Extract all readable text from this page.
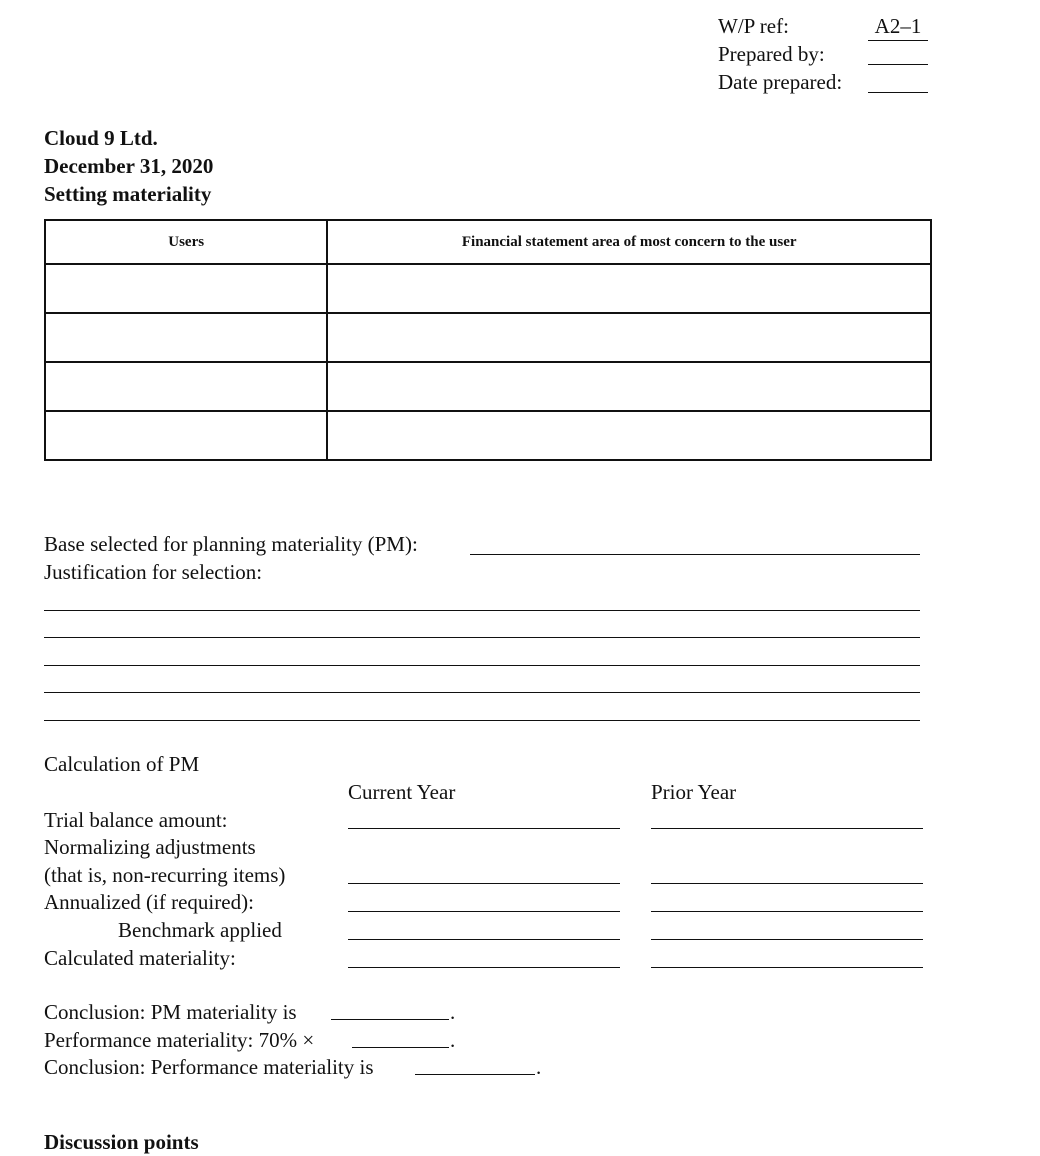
W/P ref:	A2–1
Prepared by:
Date prepared:
Cloud 9 Ltd.
December 31, 2020
Setting materiality
Users	Financial statement area of most concern to the user

Base selected for planning materiality (PM):
Justification for selection:
Calculation of PM
Current Year	Prior Year
Trial balance amount:
Normalizing adjustments
(that is, non-recurring items)
Annualized (if required):
Benchmark applied
Calculated materiality:
Conclusion: PM materiality is	.
Performance materiality: 70% ×	.
Conclusion: Performance materiality is	.
Discussion points
